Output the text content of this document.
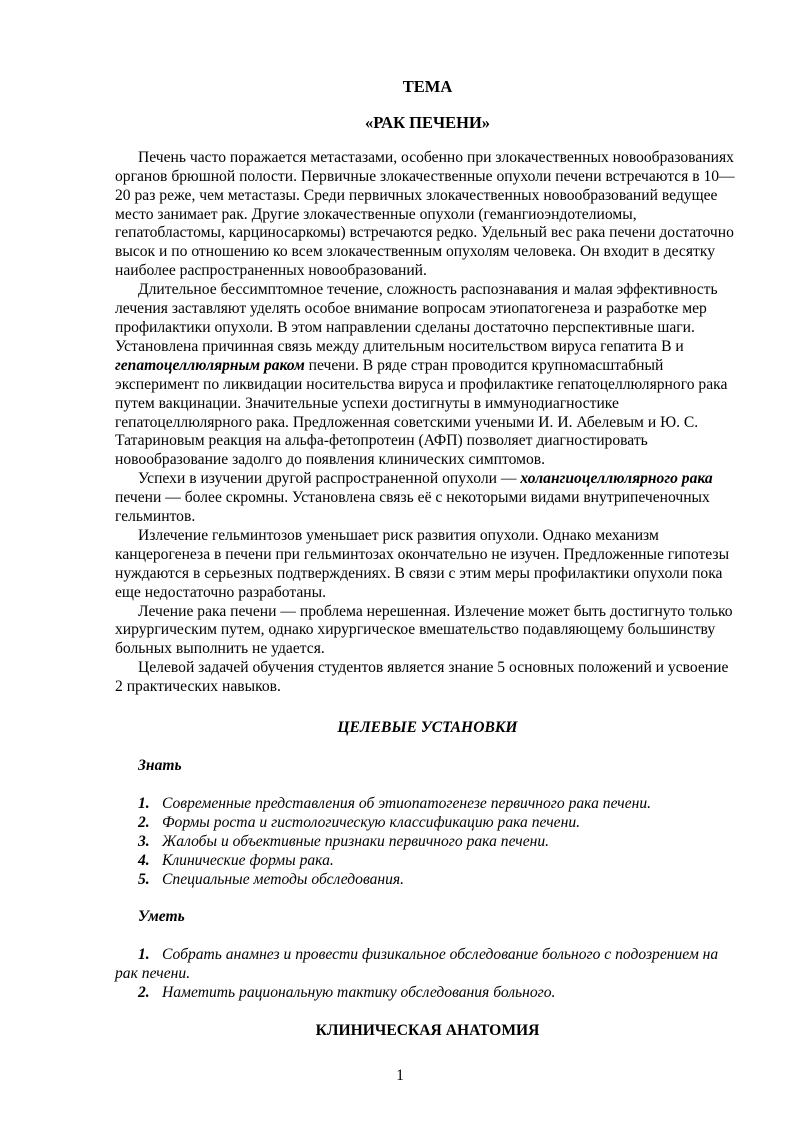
ТЕМА

«РАК ПЕЧЕНИ»

Печень часто поражается метастазами, особенно при злокачественных новообразованиях органов брюшной полости. Первичные злокачественные опухоли печени встречаются в 10— 20 раз реже, чем метастазы. Среди первичных злокачественных новообразований ведущее место занимает рак. Другие злокачественные опухоли (гемангиоэндотелиомы, гепатобластомы, карциносаркомы) встречаются редко. Удельный вес рака печени достаточно высок и по отношению ко всем злокачественным опухолям человека. Он входит в десятку наиболее распространенных новообразований.

Длительное бессимптомное течение, сложность распознавания и малая эффективность лечения заставляют уделять особое внимание вопросам этиопатогенеза и разработке мер профилактики опухоли. В этом направлении сделаны достаточно перспективные шаги. Установлена причинная связь между длительным носительством вируса гепатита В и гепатоцеллюлярным раком печени. В ряде стран проводится крупномасштабный эксперимент по ликвидации носительства вируса и профилактике гепатоцеллюлярного рака путем вакцинации. Значительные успехи достигнуты в иммунодиагностике гепатоцеллюлярного рака. Предложенная советскими учеными И. И. Абелевым и Ю. С. Татариновым реакция на альфа-фетопротеин (АФП) позволяет диагностировать новообразование задолго до появления клинических симптомов.

Успехи в изучении другой распространенной опухоли — холангиоцеллюлярного рака печени — более скромны. Установлена связь её с некоторыми видами внутрипеченочных гельминтов.

Излечение гельминтозов уменьшает риск развития опухоли. Однако механизм канцерогенеза в печени при гельминтозах окончательно не изучен. Предложенные гипотезы нуждаются в серьезных подтверждениях. В связи с этим меры профилактики опухоли пока еще недостаточно разработаны.

Лечение рака печени — проблема нерешенная. Излечение может быть достигнуто только хирургическим путем, однако хирургическое вмешательство подавляющему большинству больных выполнить не удается.

Целевой задачей обучения студентов является знание 5 основных положений и усвоение 2 практических навыков.

ЦЕЛЕВЫЕ УСТАНОВКИ

Знать

1. Современные представления об этиопатогенезе первичного рака печени.
2. Формы роста и гистологическую классификацию рака печени.
3. Жалобы и объективные признаки первичного рака печени.
4. Клинические формы рака.
5. Специальные методы обследования.

Уметь

1. Собрать анамнез и провести физикальное обследование больного с подозрением на рак печени.

2. Наметить рациональную тактику обследования больного.

КЛИНИЧЕСКАЯ АНАТОМИЯ

1
